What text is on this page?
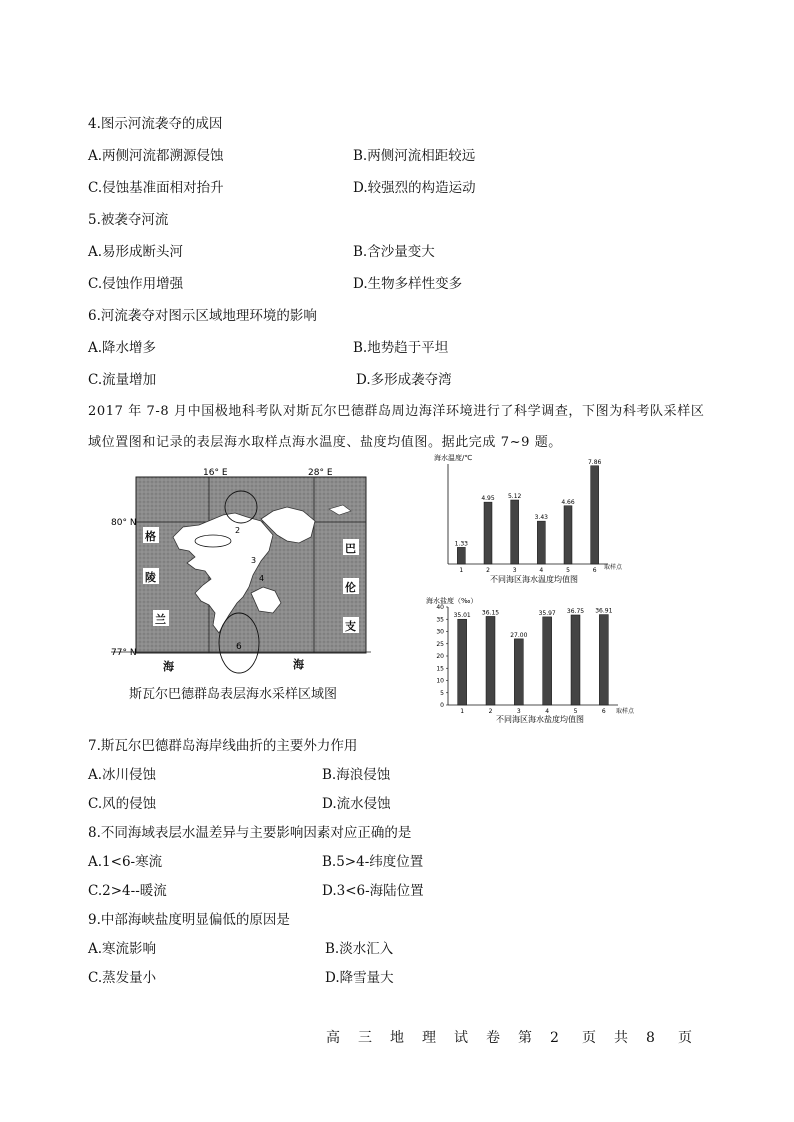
4.图示河流袭夺的成因
A.两侧河流都溯源侵蚀	B.两侧河流相距较远
C.侵蚀基准面相对抬升	D.较强烈的构造运动
5.被袭夺河流
A.易形成断头河	B.含沙量变大
C.侵蚀作用增强	D.生物多样性变多
6.河流袭夺对图示区域地理环境的影响
A.降水增多	B.地势趋于平坦
C.流量增加	D.多形成袭夺湾
2017 年 7-8 月中国极地科考队对斯瓦尔巴德群岛周边海洋环境进行了科学调查，下图为科考队采样区
域位置图和记录的表层海水取样点海水温度、盐度均值图。据此完成 7~9 题。
16° E	28° E
80° N
77° N
格
陵
兰
海
巴
伦
支
海
2
3
4
6
斯瓦尔巴德群岛表层海水采样区域图
海水温度/℃
不同海区海水温度均值图
取样点
1.33
1
4.95
2
5.12
3
3.43
4
4.66
5
7.86
6
海水盐度（‰）
不同海区海水盐度均值图
取样点
0
5
10
15
20
25
30
35
40
35.01
1
36.15
2
27.00
3
35.97
4
36.75
5
36.91
6
7.斯瓦尔巴德群岛海岸线曲折的主要外力作用
A.冰川侵蚀	B.海浪侵蚀
C.风的侵蚀	D.流水侵蚀
8.不同海域表层水温差异与主要影响因素对应正确的是
A.1<6-寒流	B.5>4-纬度位置
C.2>4--暖流	D.3<6-海陆位置
9.中部海峡盐度明显偏低的原因是
A.寒流影响	B.淡水汇入
C.蒸发量小	D.降雪量大
高 三 地 理 试 卷 第 2 页 共 8 页
